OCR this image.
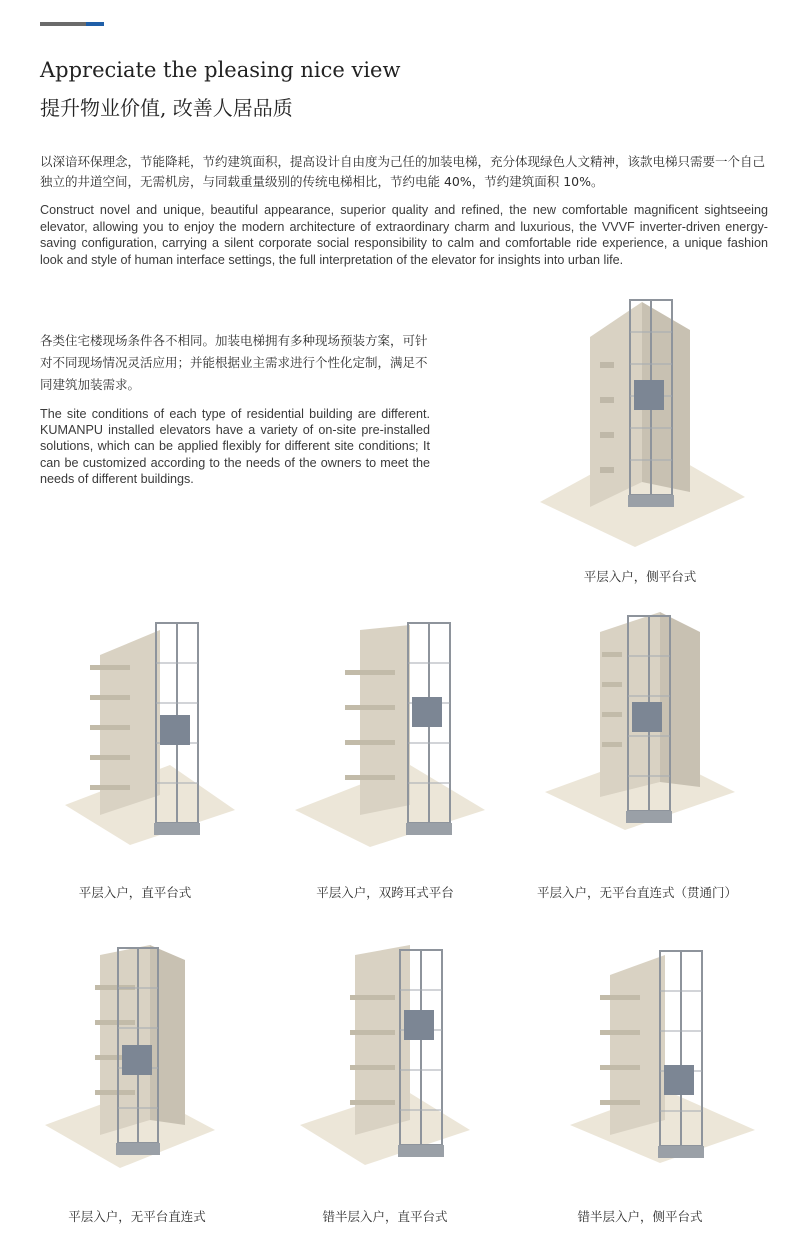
Appreciate the pleasing nice view
提升物业价值, 改善人居品质
以深谙环保理念，节能降耗，节约建筑面积，提高设计自由度为己任的加装电梯，充分体现绿色人文精神，该款电梯只需要一个自己独立的井道空间，无需机房，与同载重量级别的传统电梯相比，节约电能 40%，节约建筑面积 10%。
Construct novel and unique, beautiful appearance, superior quality and refined, the new comfortable magnificent sightseeing elevator, allowing you to enjoy the modern architecture of extraordinary charm and luxurious, the VVVF inverter-driven energy-saving configuration, carrying a silent corporate social responsibility to calm and comfortable ride experience, a unique fashion look and style of human interface settings, the full interpretation of the elevator for insights into urban life.
各类住宅楼现场条件各不相同。加装电梯拥有多种现场预装方案，可针对不同现场情况灵活应用；并能根据业主需求进行个性化定制，满足不同建筑加装需求。
The site conditions of each type of residential building are different. KUMANPU installed elevators have a variety of on-site pre-installed solutions, which can be applied flexibly for different site conditions; It can be customized according to the needs of the owners to meet the needs of different buildings.
平层入户，侧平台式
平层入户，直平台式	平层入户，双跨耳式平台	平层入户，无平台直连式（贯通门）
平层入户，无平台直连式	错半层入户，直平台式	错半层入户，侧平台式
